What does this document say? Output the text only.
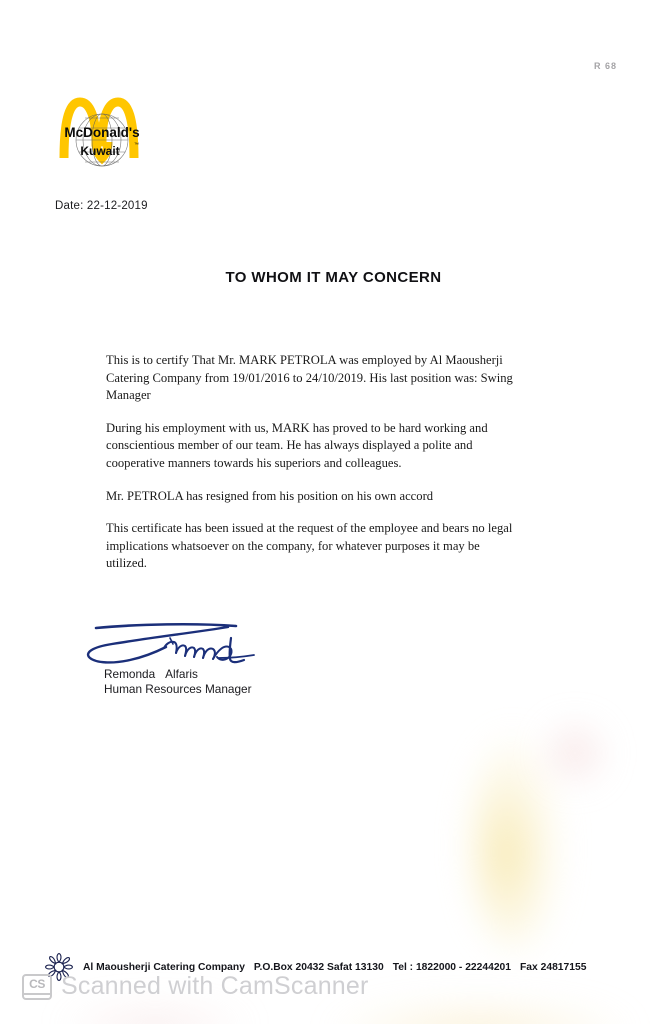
R 68
McDonald's
Kuwait	™
Date: 22-12-2019
TO WHOM IT MAY CONCERN

This is to certify That Mr. MARK PETROLA was employed by Al Maousherji Catering Company from 19/01/2016 to 24/10/2019. His last position was: Swing Manager

During his employment with us, MARK has proved to be hard working and conscientious member of our team. He has always displayed a polite and cooperative manners towards his superiors and colleagues.

Mr. PETROLA has resigned from his position on his own accord

This certificate has been issued at the request of the employee and bears no legal implications whatsoever on the company, for whatever purposes it may be utilized.

Remonda Alfaris
Human Resources Manager
Al Maousherji Catering Company P.O.Box 20432 Safat 13130 Tel : 1822000 - 22244201 Fax 24817155
CS Scanned with CamScanner
